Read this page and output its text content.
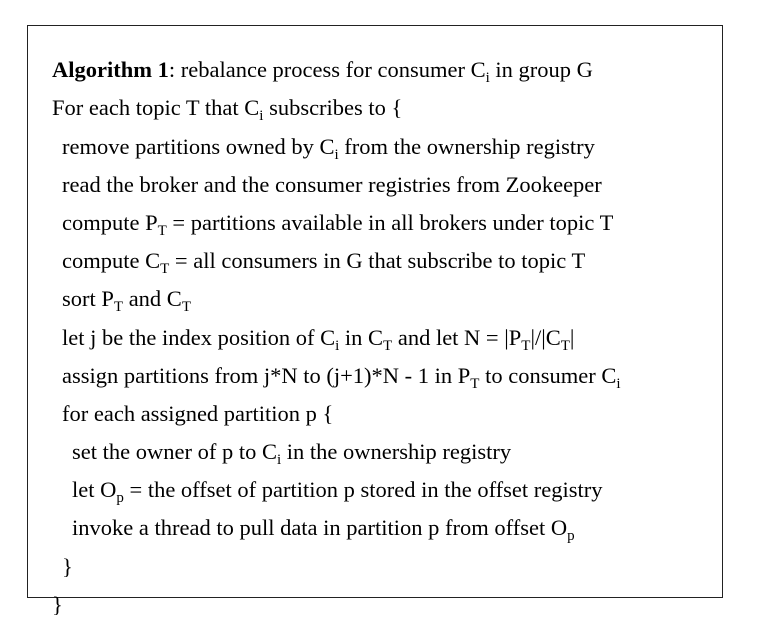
Algorithm 1: rebalance process for consumer $C_i$ in group G
For each topic T that $C_i$ subscribes to {
remove partitions owned by $C_i$ from the ownership registry
read the broker and the consumer registries from Zookeeper
compute $P_T$ = partitions available in all brokers under topic T
compute $C_T$ = all consumers in G that subscribe to topic T
sort $P_T$ and $C_T$
let j be the index position of $C_i$ in $C_T$ and let $N = |P_T|/|C_T|$
assign partitions from j*N to (j+1)*N - 1 in $P_T$ to consumer $C_i$
for each assigned partition p {
set the owner of p to $C_i$ in the ownership registry
let $O_p$ = the offset of partition p stored in the offset registry
invoke a thread to pull data in partition p from offset $O_p$
}
}
